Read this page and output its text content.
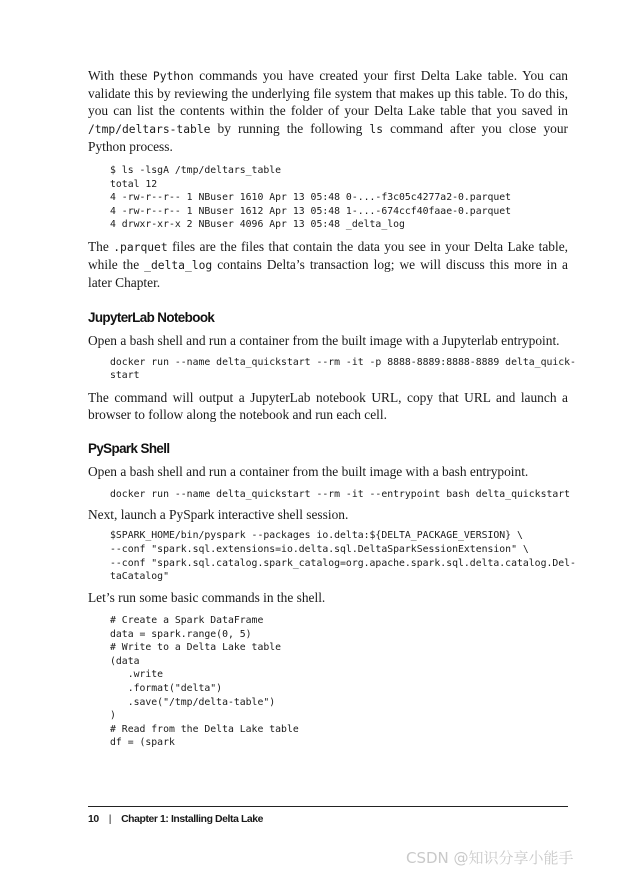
With these Python commands you have created your first Delta Lake table. You can validate this by reviewing the underlying file system that makes up this table. To do this, you can list the contents within the folder of your Delta Lake table that you saved in /tmp/deltars-table by running the following ls command after you close your Python process.

$ ls -lsgA /tmp/deltars_table
total 12
4 -rw-r--r-- 1 NBuser 1610 Apr 13 05:48 0-...-f3c05c4277a2-0.parquet
4 -rw-r--r-- 1 NBuser 1612 Apr 13 05:48 1-...-674ccf40faae-0.parquet
4 drwxr-xr-x 2 NBuser 4096 Apr 13 05:48 _delta_log

The .parquet files are the files that contain the data you see in your Delta Lake table, while the _delta_log contains Delta’s transaction log; we will discuss this more in a later Chapter.

JupyterLab Notebook

Open a bash shell and run a container from the built image with a Jupyterlab entrypoint.

docker run --name delta_quickstart --rm -it -p 8888-8889:8888-8889 delta_quick-
start

The command will output a JupyterLab notebook URL, copy that URL and launch a browser to follow along the notebook and run each cell.

PySpark Shell

Open a bash shell and run a container from the built image with a bash entrypoint.

docker run --name delta_quickstart --rm -it --entrypoint bash delta_quickstart

Next, launch a PySpark interactive shell session.

$SPARK_HOME/bin/pyspark --packages io.delta:${DELTA_PACKAGE_VERSION} \
--conf "spark.sql.extensions=io.delta.sql.DeltaSparkSessionExtension" \
--conf "spark.sql.catalog.spark_catalog=org.apache.spark.sql.delta.catalog.Del-
taCatalog"

Let’s run some basic commands in the shell.

# Create a Spark DataFrame
data = spark.range(0, 5)
# Write to a Delta Lake table
(data
.write
.format("delta")
.save("/tmp/delta-table")
)
# Read from the Delta Lake table
df = (spark
10 | Chapter 1: Installing Delta Lake
CSDN @知识分享小能手
